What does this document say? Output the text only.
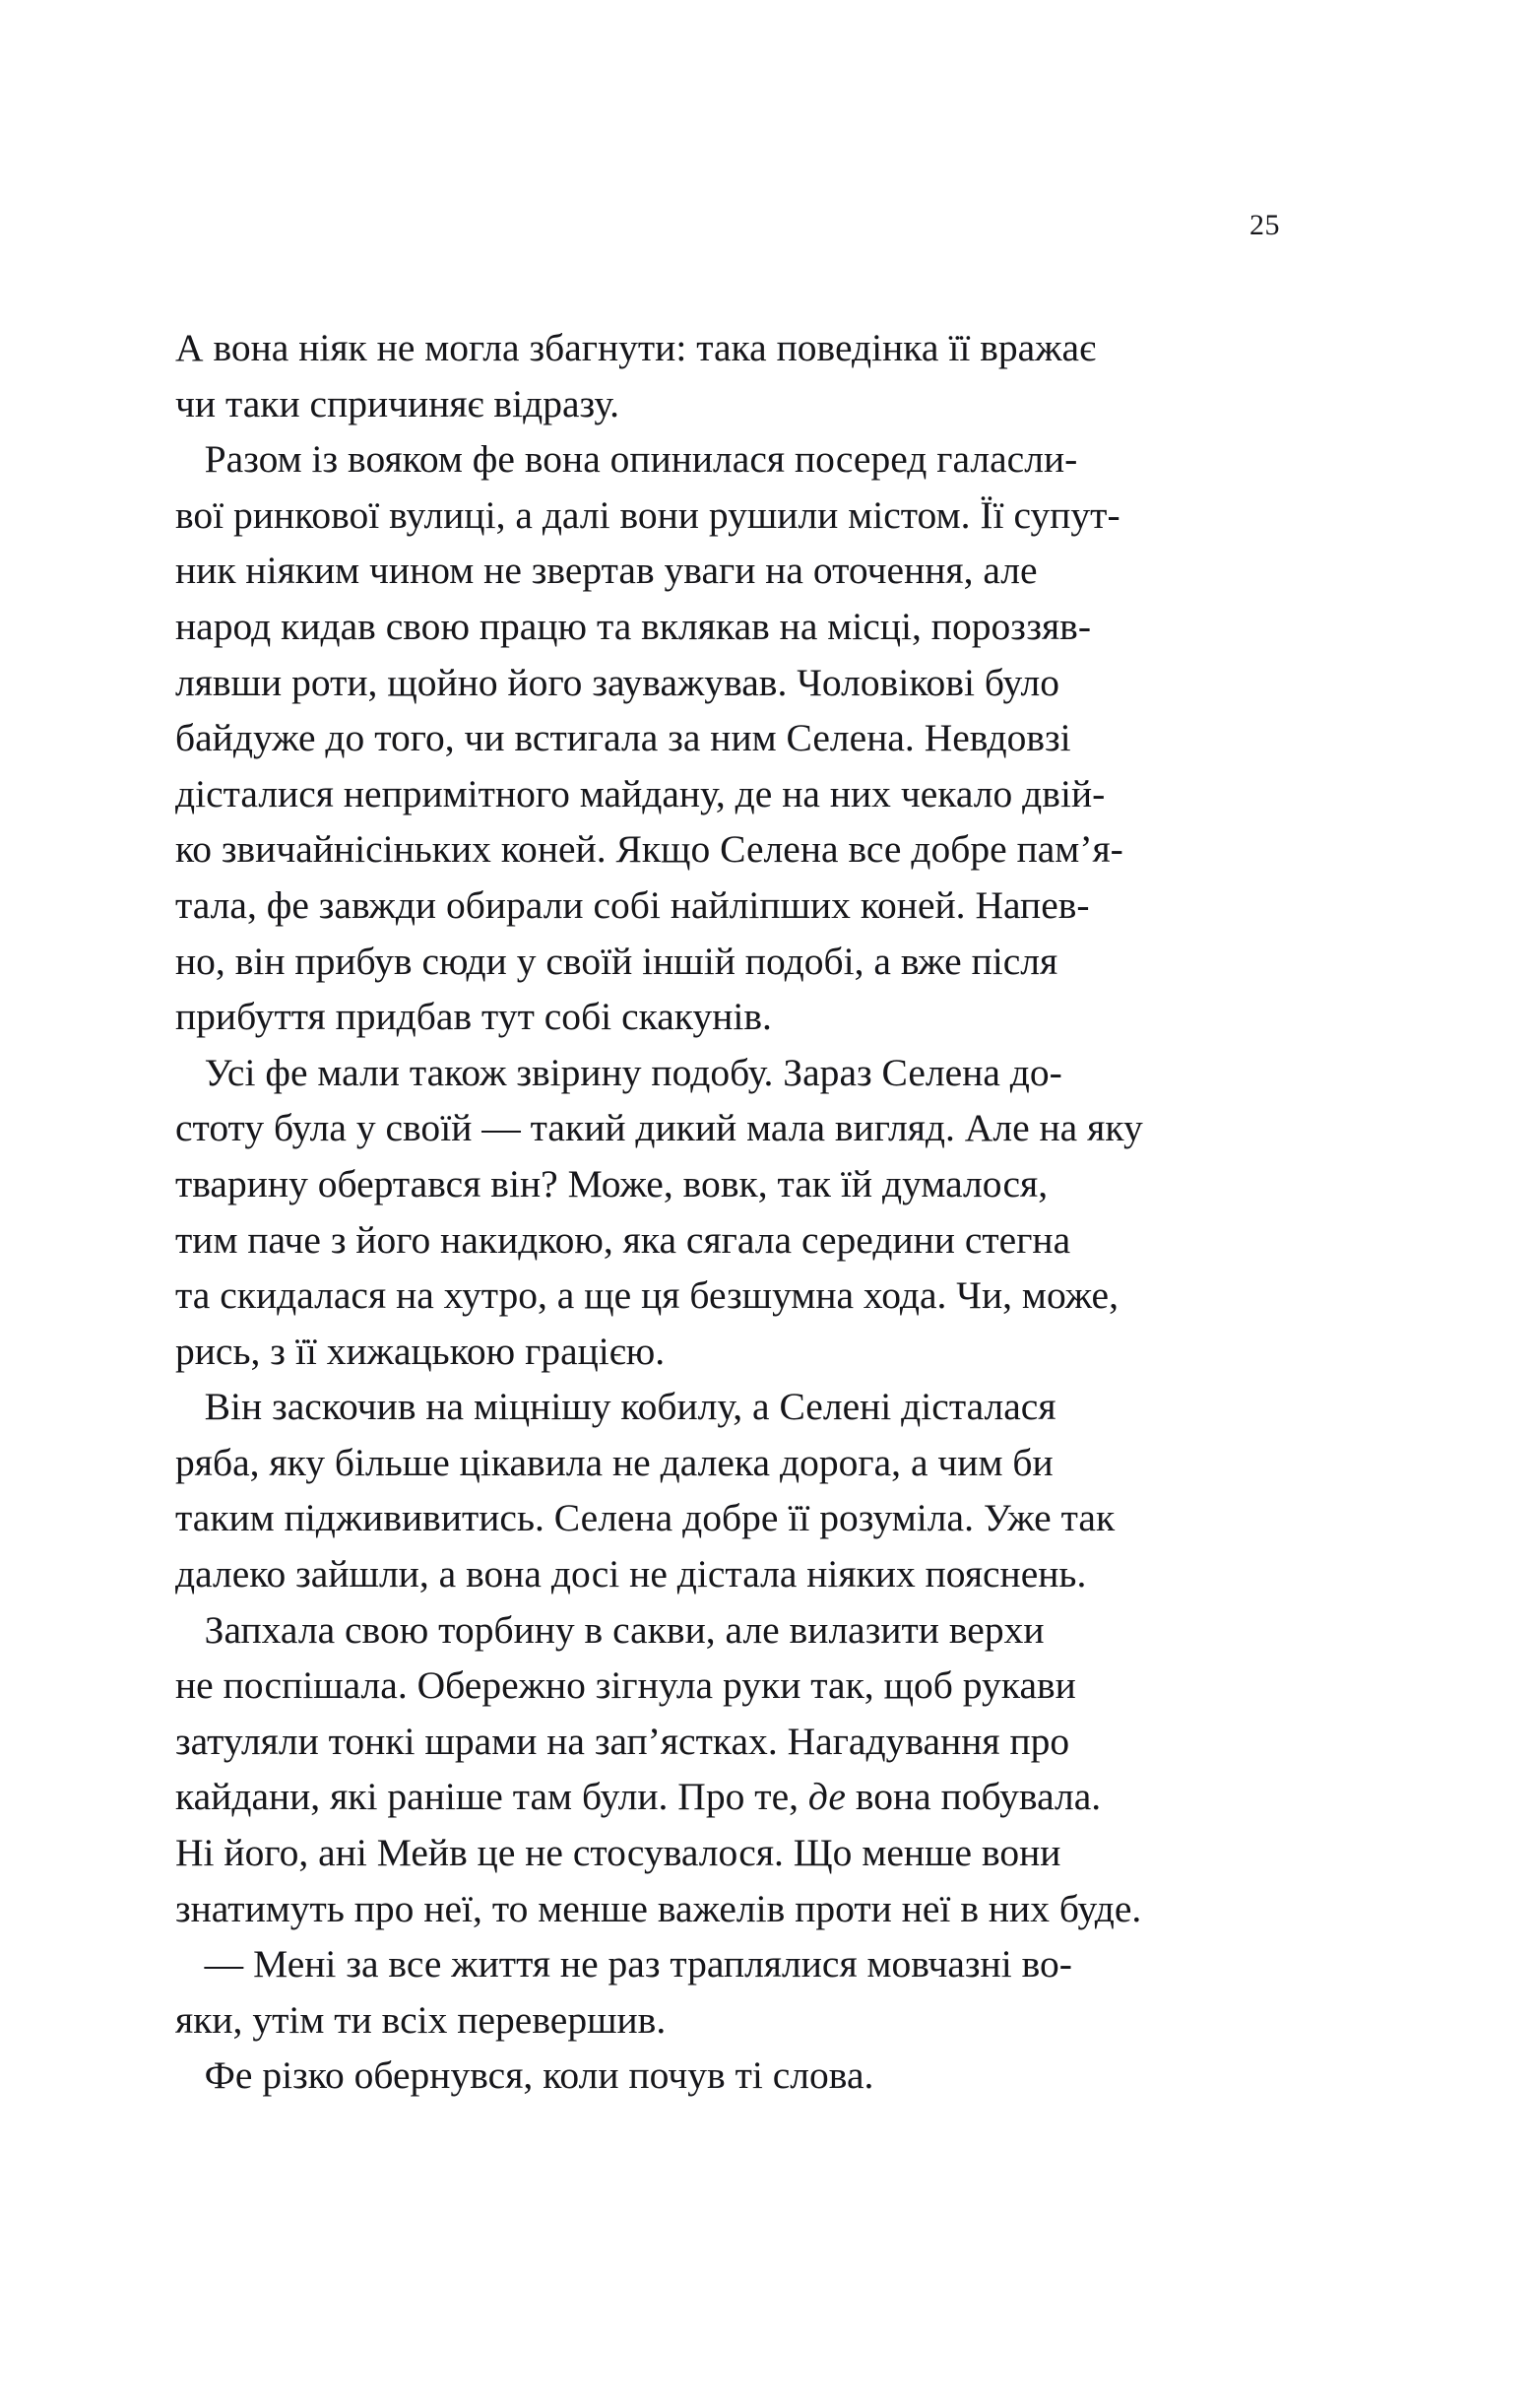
25
А вона ніяк не могла збагнути: така поведінка її вражає
чи таки спричиняє відразу.
Разом із вояком фе вона опинилася посеред галасли-
вої ринкової вулиці, а далі вони рушили містом. Її супут-
ник ніяким чином не звертав уваги на оточення, але
народ кидав свою працю та вклякав на місці, пороззяв-
лявши роти, щойно його зауважував. Чоловікові було
байдуже до того, чи встигала за ним Селена. Невдовзі
дісталися непримітного майдану, де на них чекало двій-
ко звичайнісіньких коней. Якщо Селена все добре пам’я-
тала, фе завжди обирали собі найліпших коней. Напев-
но, він прибув сюди у своїй іншій подобі, а вже після
прибуття придбав тут собі скакунів.
Усі фе мали також звірину подобу. Зараз Селена до-
стоту була у своїй — такий дикий мала вигляд. Але на яку
тварину обертався він? Може, вовк, так їй думалося,
тим паче з його накидкою, яка сягала середини стегна
та скидалася на хутро, а ще ця безшумна хода. Чи, може,
рись, з її хижацькою грацією.
Він заскочив на міцнішу кобилу, а Селені дісталася
ряба, яку більше цікавила не далека дорога, а чим би
таким піджививитись. Селена добре її розуміла. Уже так
далеко зайшли, а вона досі не дістала ніяких пояснень.
Запхала свою торбину в сакви, але вилазити верхи
не поспішала. Обережно зігнула руки так, щоб рукави
затуляли тонкі шрами на зап’ястках. Нагадування про
кайдани, які раніше там були. Про те, де вона побувала.
Ні його, ані Мейв це не стосувалося. Що менше вони
знатимуть про неї, то менше важелів проти неї в них буде.
— Мені за все життя не раз траплялися мовчазні во-
яки, утім ти всіх перевершив.
Фе різко обернувся, коли почув ті слова.
